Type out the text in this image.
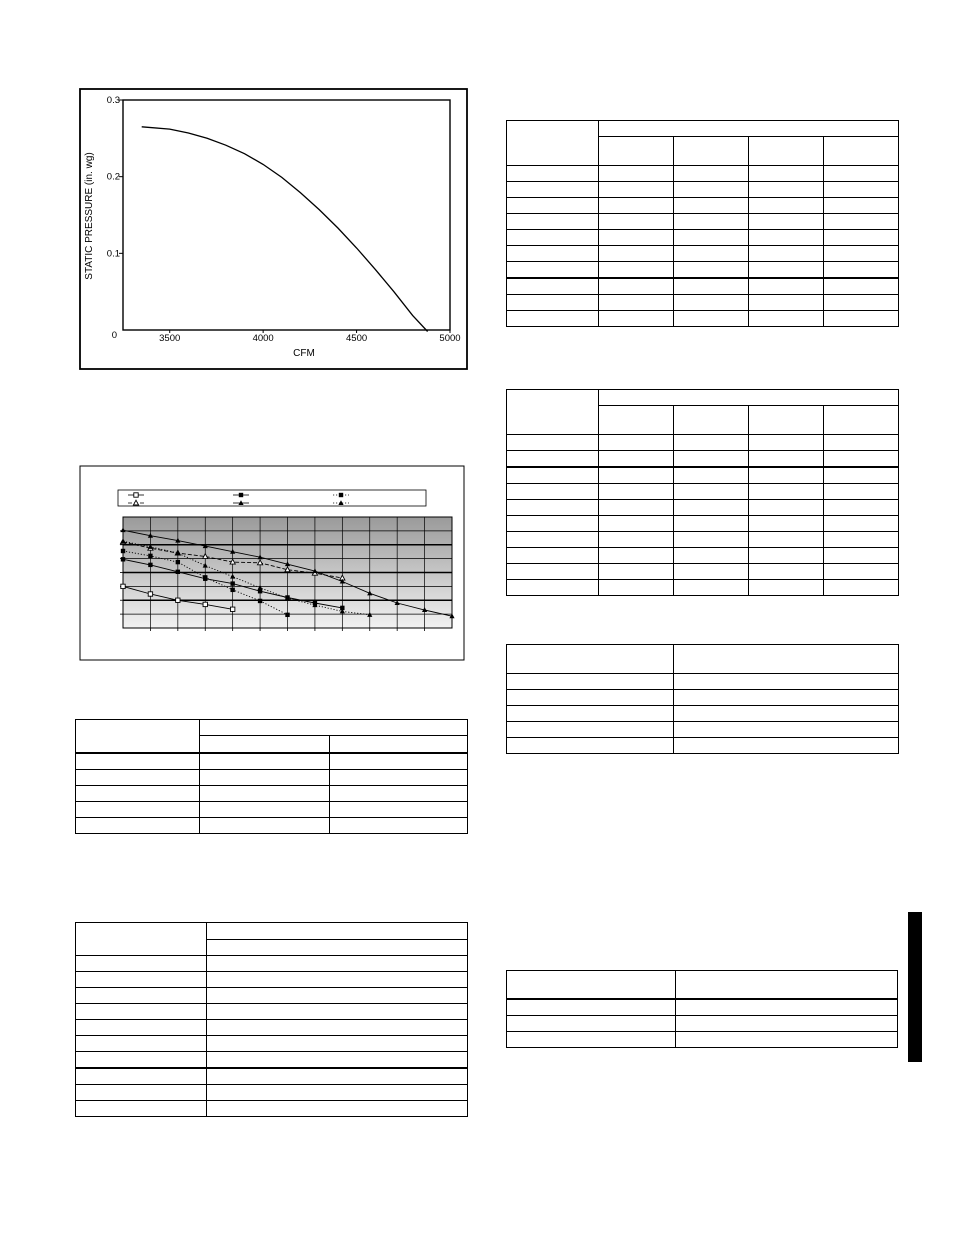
0
0.1
0.2
0.3
3500	4000	4500	5000
STATIC PRESSURE (in. wg)
CFM
